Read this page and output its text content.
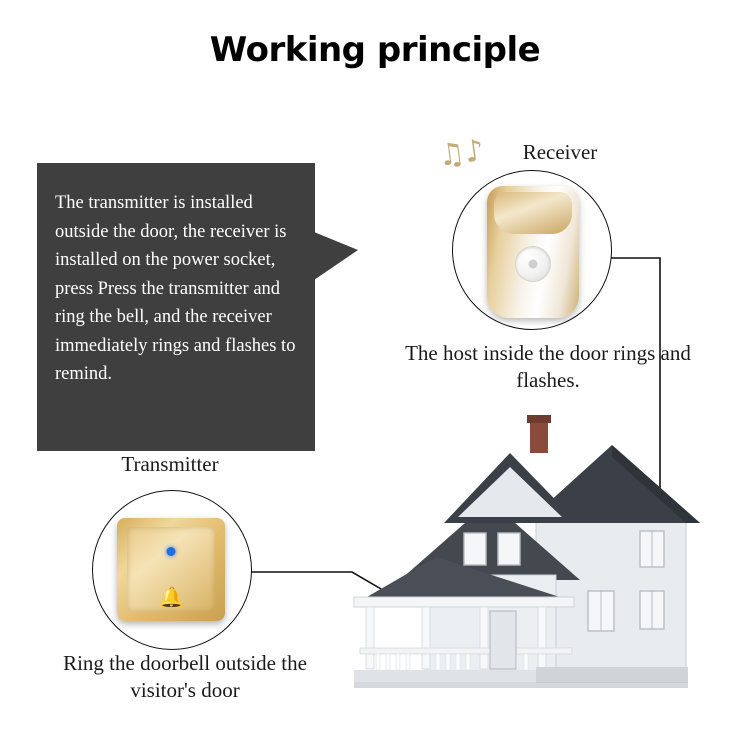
Working principle

The transmitter is installed outside the door, the receiver is installed on the power socket, press Press the transmitter and ring the bell, and the receiver immediately rings and flashes to remind.

♫♪	Receiver
The host inside the door rings and flashes.
Transmitter
🔔
Ring the doorbell outside the visitor's door
